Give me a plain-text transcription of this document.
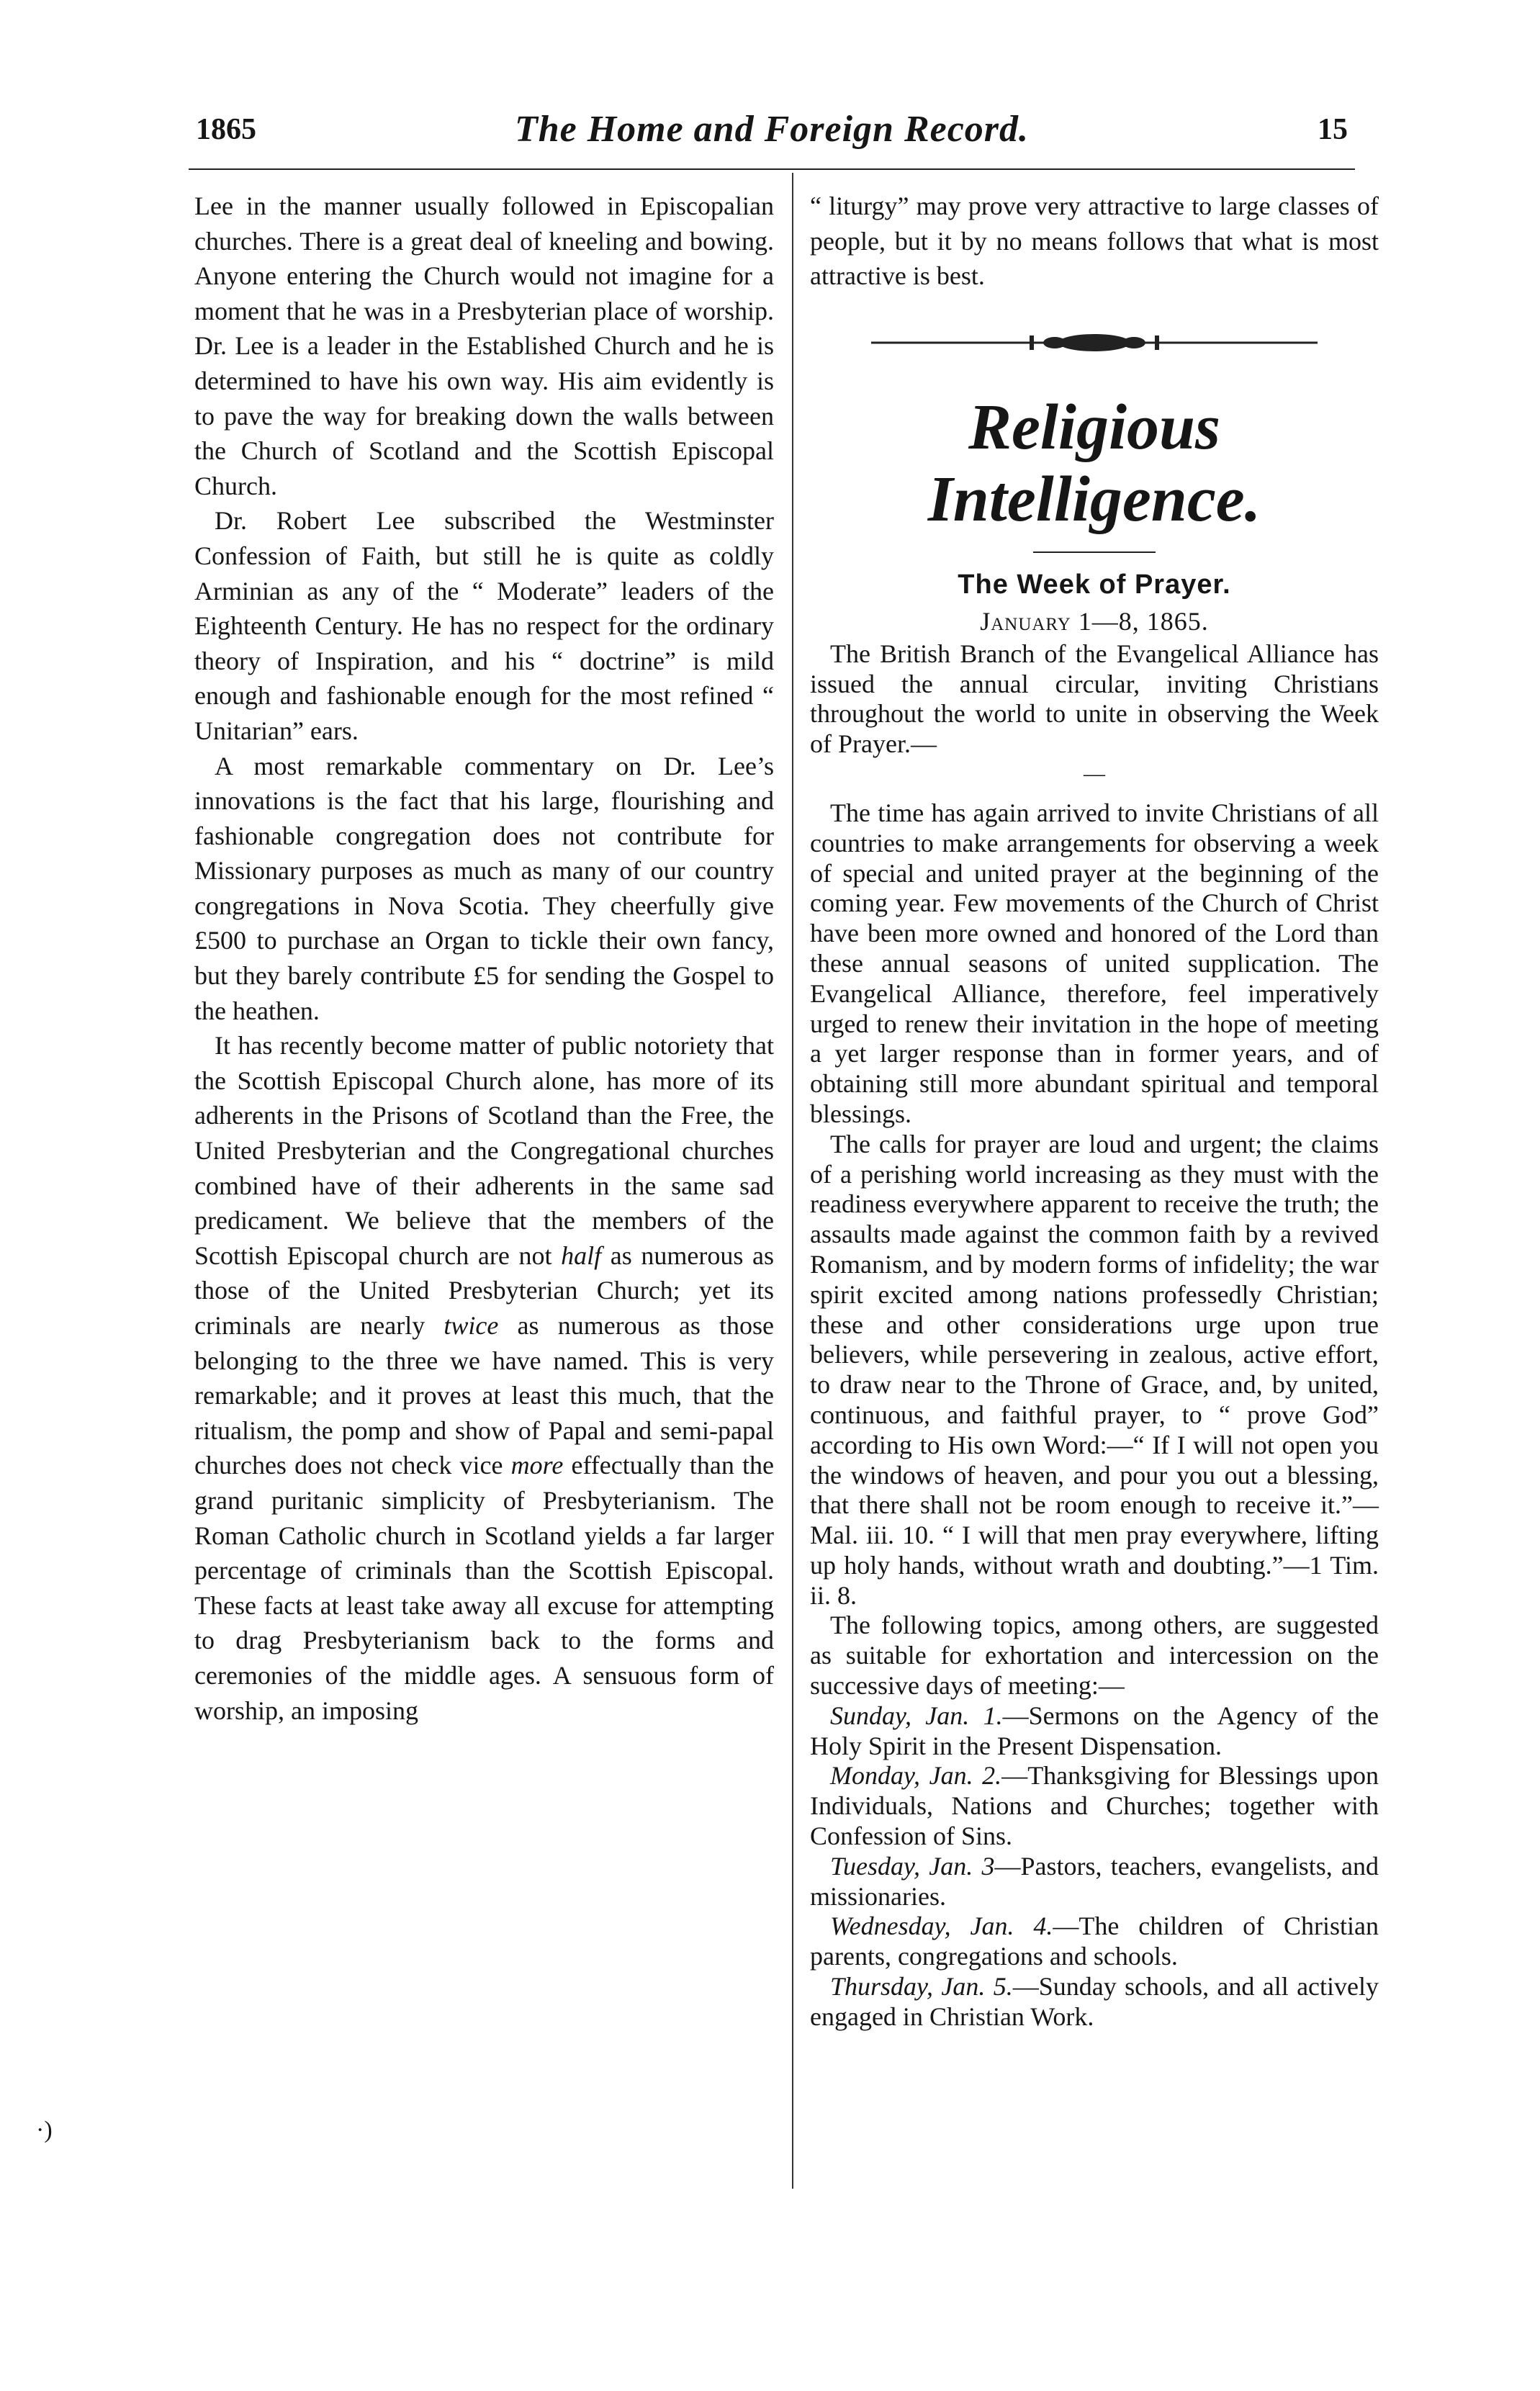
1865	The Home and Foreign Record.	15
·)

Lee in the manner usually followed in Episcopalian churches. There is a great deal of kneeling and bowing. Anyone entering the Church would not imagine for a moment that he was in a Presbyterian place of worship. Dr. Lee is a leader in the Established Church and he is determined to have his own way. His aim evidently is to pave the way for breaking down the walls between the Church of Scotland and the Scottish Episcopal Church.

Dr. Robert Lee subscribed the Westminster Confession of Faith, but still he is quite as coldly Arminian as any of the “ Moderate” leaders of the Eighteenth Century. He has no respect for the ordinary theory of Inspiration, and his “ doctrine” is mild enough and fashionable enough for the most refined “ Unitarian” ears.

A most remarkable commentary on Dr. Lee’s innovations is the fact that his large, flourishing and fashionable congregation does not contribute for Missionary purposes as much as many of our country congregations in Nova Scotia. They cheerfully give £500 to purchase an Organ to tickle their own fancy, but they barely contribute £5 for sending the Gospel to the heathen.

It has recently become matter of public notoriety that the Scottish Episcopal Church alone, has more of its adherents in the Prisons of Scotland than the Free, the United Presbyterian and the Congregational churches combined have of their adherents in the same sad predicament. We believe that the members of the Scottish Episcopal church are not half as numerous as those of the United Presbyterian Church; yet its criminals are nearly twice as numerous as those belonging to the three we have named. This is very remarkable; and it proves at least this much, that the ritualism, the pomp and show of Papal and semi-papal churches does not check vice more effectually than the grand puritanic simplicity of Presbyterianism. The Roman Catholic church in Scotland yields a far larger percentage of criminals than the Scottish Episcopal. These facts at least take away all excuse for attempting to drag Presbyterianism back to the forms and ceremonies of the middle ages. A sensuous form of worship, an imposing

“ liturgy” may prove very attractive to large classes of people, but it by no means follows that what is most attractive is best.

Religious Intelligence.
The Week of Prayer.
January 1—8, 1865.

The British Branch of the Evangelical Alliance has issued the annual circular, inviting Christians throughout the world to unite in observing the Week of Prayer.—

—

The time has again arrived to invite Christians of all countries to make arrangements for observing a week of special and united prayer at the beginning of the coming year. Few movements of the Church of Christ have been more owned and honored of the Lord than these annual seasons of united supplication. The Evangelical Alliance, therefore, feel imperatively urged to renew their invitation in the hope of meeting a yet larger response than in former years, and of obtaining still more abundant spiritual and temporal blessings.

The calls for prayer are loud and urgent; the claims of a perishing world increasing as they must with the readiness everywhere apparent to receive the truth; the assaults made against the common faith by a revived Romanism, and by modern forms of infidelity; the war spirit excited among nations professedly Christian; these and other considerations urge upon true believers, while persevering in zealous, active effort, to draw near to the Throne of Grace, and, by united, continuous, and faithful prayer, to “ prove God” according to His own Word:—“ If I will not open you the windows of heaven, and pour you out a blessing, that there shall not be room enough to receive it.”—Mal. iii. 10. “ I will that men pray everywhere, lifting up holy hands, without wrath and doubting.”—1 Tim. ii. 8.

The following topics, among others, are suggested as suitable for exhortation and intercession on the successive days of meeting:—

Sunday, Jan. 1.—Sermons on the Agency of the Holy Spirit in the Present Dispensation.

Monday, Jan. 2.—Thanksgiving for Blessings upon Individuals, Nations and Churches; together with Confession of Sins.

Tuesday, Jan. 3—Pastors, teachers, evangelists, and missionaries.

Wednesday, Jan. 4.—The children of Christian parents, congregations and schools.

Thursday, Jan. 5.—Sunday schools, and all actively engaged in Christian Work.
